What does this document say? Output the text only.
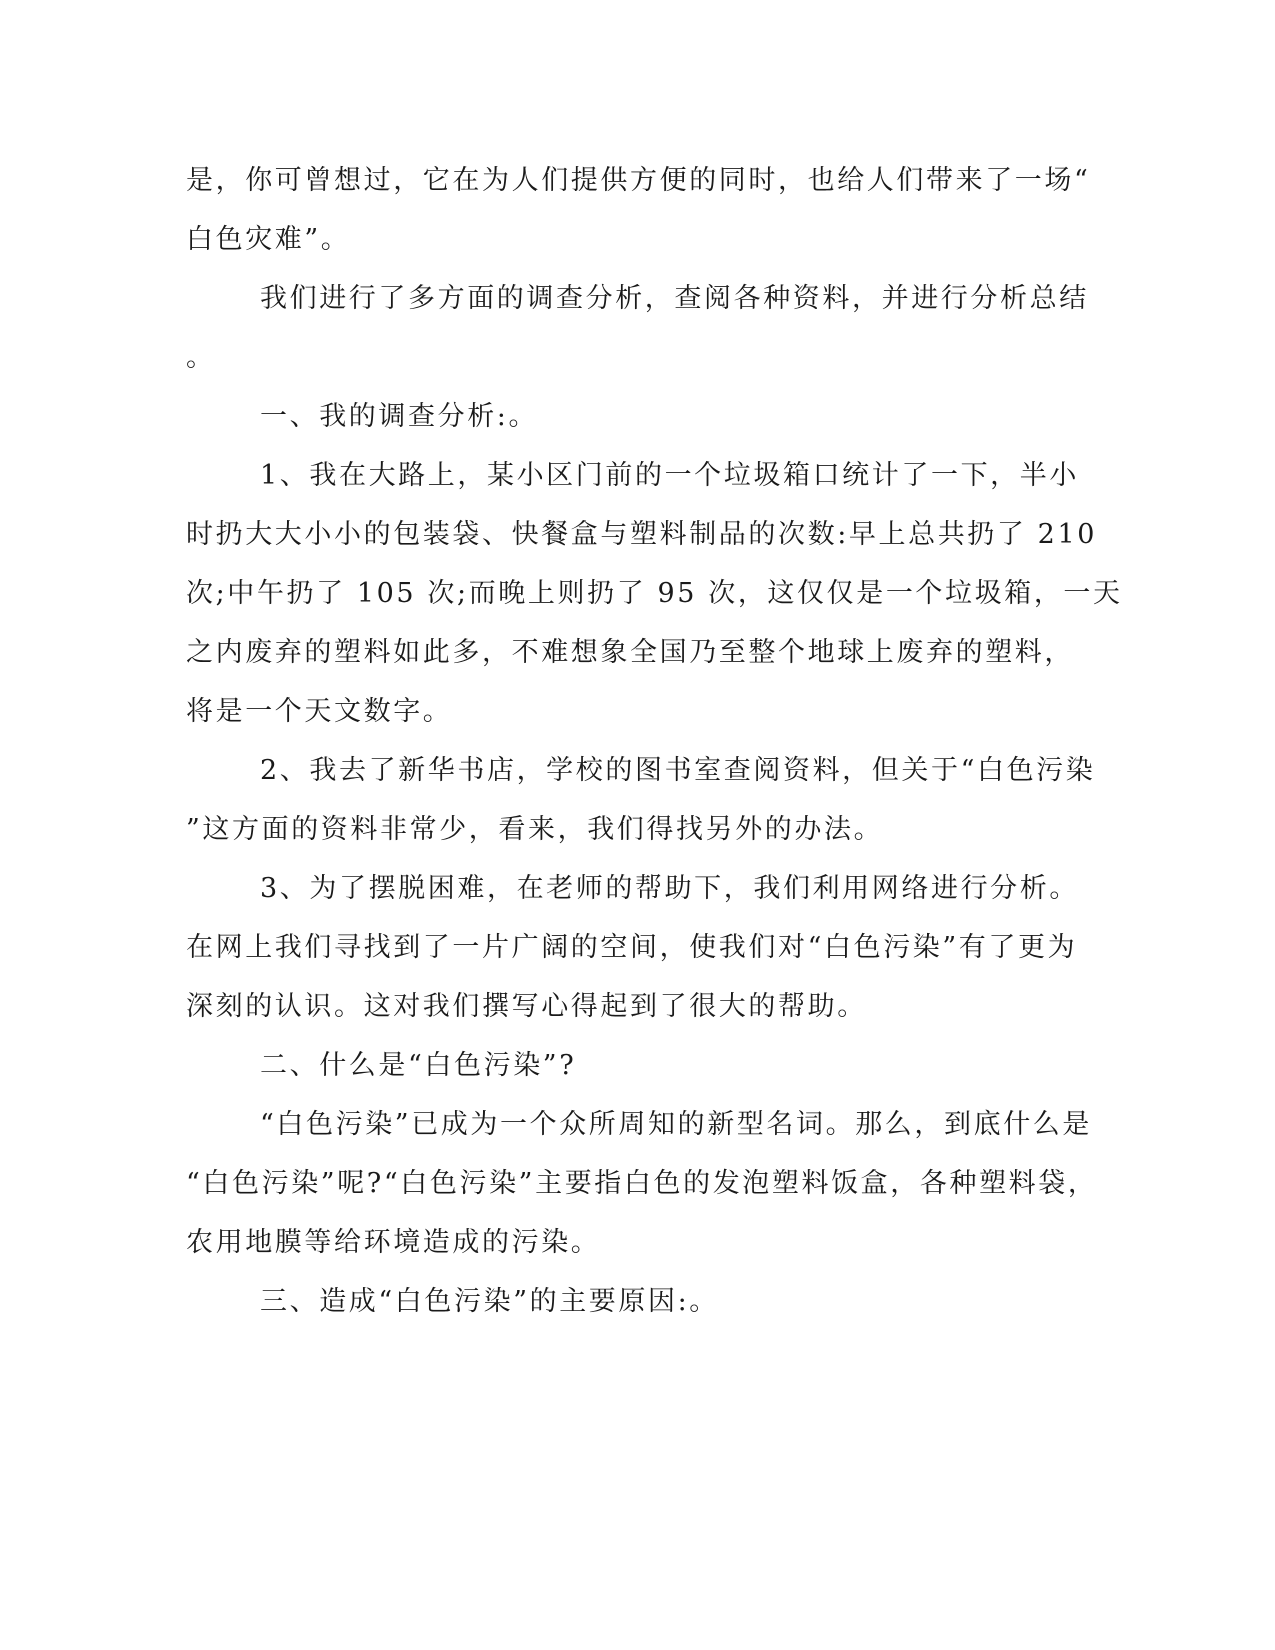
是，你可曾想过，它在为人们提供方便的同时，也给人们带来了一场“
白色灾难”。
我们进行了多方面的调查分析，查阅各种资料，并进行分析总结
。
一、我的调查分析:。
1、我在大路上，某小区门前的一个垃圾箱口统计了一下，半小
时扔大大小小的包装袋、快餐盒与塑料制品的次数:早上总共扔了 210
次;中午扔了 105 次;而晚上则扔了 95 次，这仅仅是一个垃圾箱，一天
之内废弃的塑料如此多，不难想象全国乃至整个地球上废弃的塑料，
将是一个天文数字。
2、我去了新华书店，学校的图书室查阅资料，但关于“白色污染
”这方面的资料非常少，看来，我们得找另外的办法。
3、为了摆脱困难，在老师的帮助下，我们利用网络进行分析。
在网上我们寻找到了一片广阔的空间，使我们对“白色污染”有了更为
深刻的认识。这对我们撰写心得起到了很大的帮助。
二、什么是“白色污染”?
“白色污染”已成为一个众所周知的新型名词。那么，到底什么是
“白色污染”呢?“白色污染”主要指白色的发泡塑料饭盒，各种塑料袋，
农用地膜等给环境造成的污染。
三、造成“白色污染”的主要原因:。
